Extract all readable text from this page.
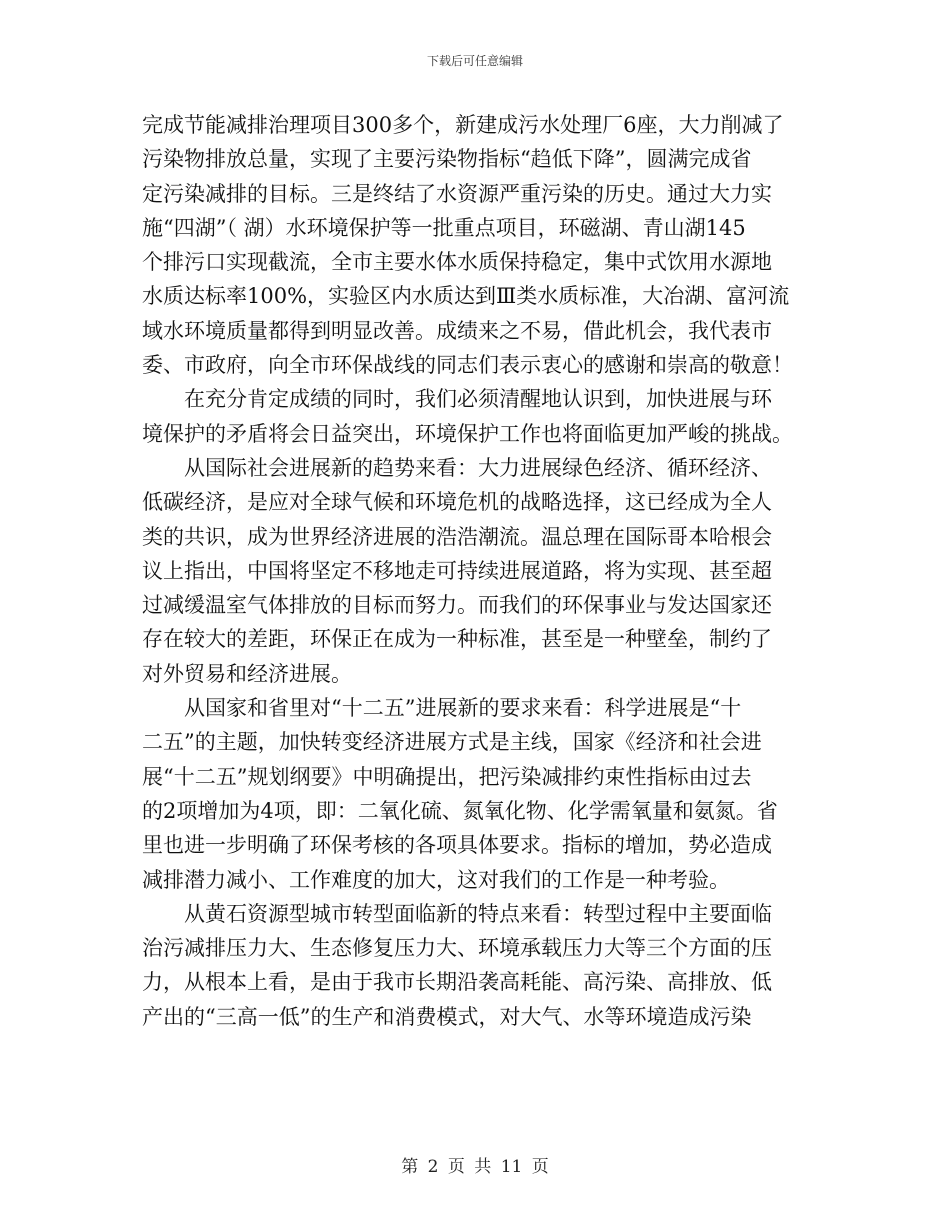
下载后可任意编辑
完成节能减排治理项目300多个，新建成污水处理厂6座，大力削减了
污染物排放总量，实现了主要污染物指标“趋低下降”，圆满完成省
定污染减排的目标。三是终结了水资源严重污染的历史。通过大力实
施“四湖”（ 湖）水环境保护等一批重点项目，环磁湖、青山湖145
个排污口实现截流，全市主要水体水质保持稳定，集中式饮用水源地
水质达标率100%，实验区内水质达到Ⅲ类水质标准，大冶湖、富河流
域水环境质量都得到明显改善。成绩来之不易，借此机会，我代表市
委、市政府，向全市环保战线的同志们表示衷心的感谢和崇高的敬意！
　　在充分肯定成绩的同时，我们必须清醒地认识到，加快进展与环
境保护的矛盾将会日益突出，环境保护工作也将面临更加严峻的挑战。
　　从国际社会进展新的趋势来看：大力进展绿色经济、循环经济、
低碳经济，是应对全球气候和环境危机的战略选择，这已经成为全人
类的共识，成为世界经济进展的浩浩潮流。温总理在国际哥本哈根会
议上指出，中国将坚定不移地走可持续进展道路，将为实现、甚至超
过减缓温室气体排放的目标而努力。而我们的环保事业与发达国家还
存在较大的差距，环保正在成为一种标准，甚至是一种壁垒，制约了
对外贸易和经济进展。
　　从国家和省里对“十二五”进展新的要求来看：科学进展是“十
二五”的主题，加快转变经济进展方式是主线，国家《经济和社会进
展“十二五”规划纲要》中明确提出，把污染减排约束性指标由过去
的2项增加为4项，即：二氧化硫、氮氧化物、化学需氧量和氨氮。省
里也进一步明确了环保考核的各项具体要求。指标的增加，势必造成
减排潜力减小、工作难度的加大，这对我们的工作是一种考验。
　　从黄石资源型城市转型面临新的特点来看：转型过程中主要面临
治污减排压力大、生态修复压力大、环境承载压力大等三个方面的压
力，从根本上看，是由于我市长期沿袭高耗能、高污染、高排放、低
产出的“三高一低”的生产和消费模式，对大气、水等环境造成污染
第 2 页 共 11 页
